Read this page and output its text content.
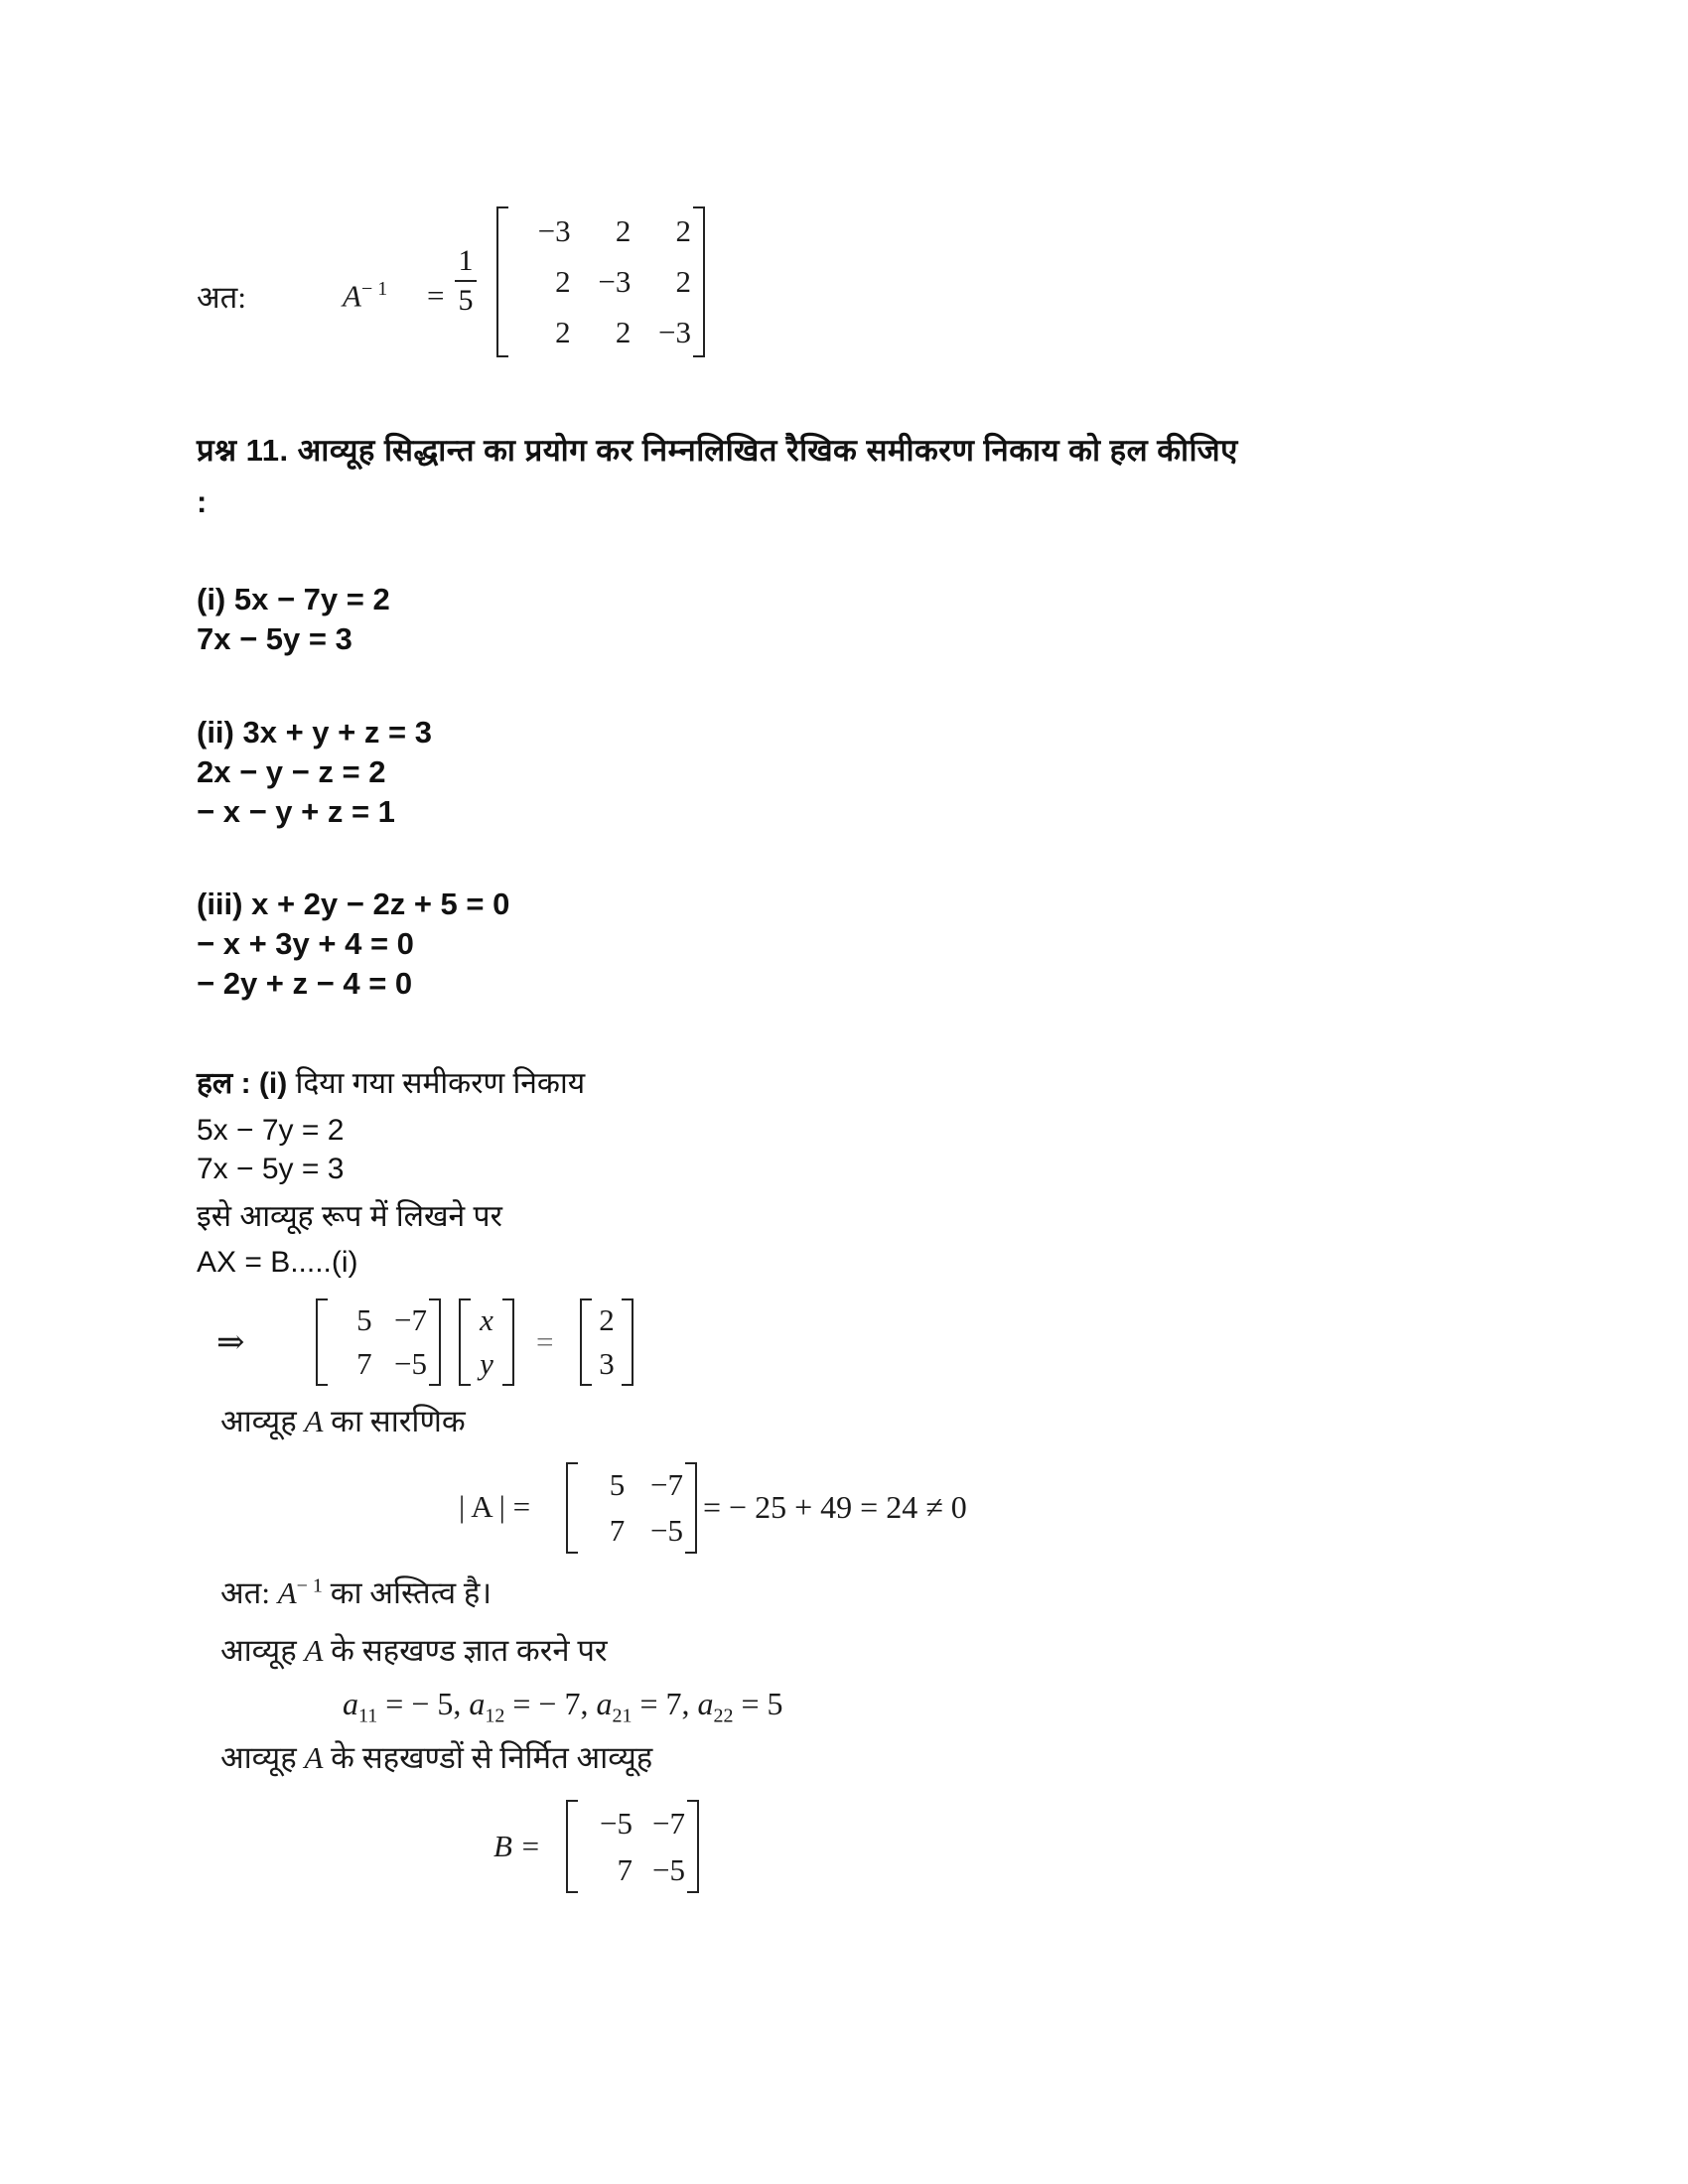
अत:	$A^{- 1}$ =
1
5
−3 2 2
2 −3 2
2 2 −3
प्रश्न 11. आव्यूह सिद्धान्त का प्रयोग कर निम्नलिखित रैखिक समीकरण निकाय को हल कीजिए
:
(i) 5x − 7y = 2
7x − 5y = 3
(ii) 3x + y + z = 3
2x − y − z = 2
− x − y + z = 1
(iii) x + 2y − 2z + 5 = 0
− x + 3y + 4 = 0
− 2y + z − 4 = 0
हल : (i) दिया गया समीकरण निकाय
5x − 7y = 2
7x − 5y = 3
इसे आव्यूह रूप में लिखने पर
AX = B.....(i)
⇒
5 −7
7 −5
x
y
=
2
3
आव्यूह A का सारणिक
| A | =
5 −7
7 −5
= − 25 + 49 = 24 ≠ 0
अत: $A^{- 1}$ का अस्तित्व है।
आव्यूह A के सहखण्ड ज्ञात करने पर
$a_{11}$ = − 5, $a_{12}$ = − 7, $a_{21} = 7$, $a_{22} = 5$
आव्यूह A के सहखण्डों से निर्मित आव्यूह
B =
−5 −7
7 −5
